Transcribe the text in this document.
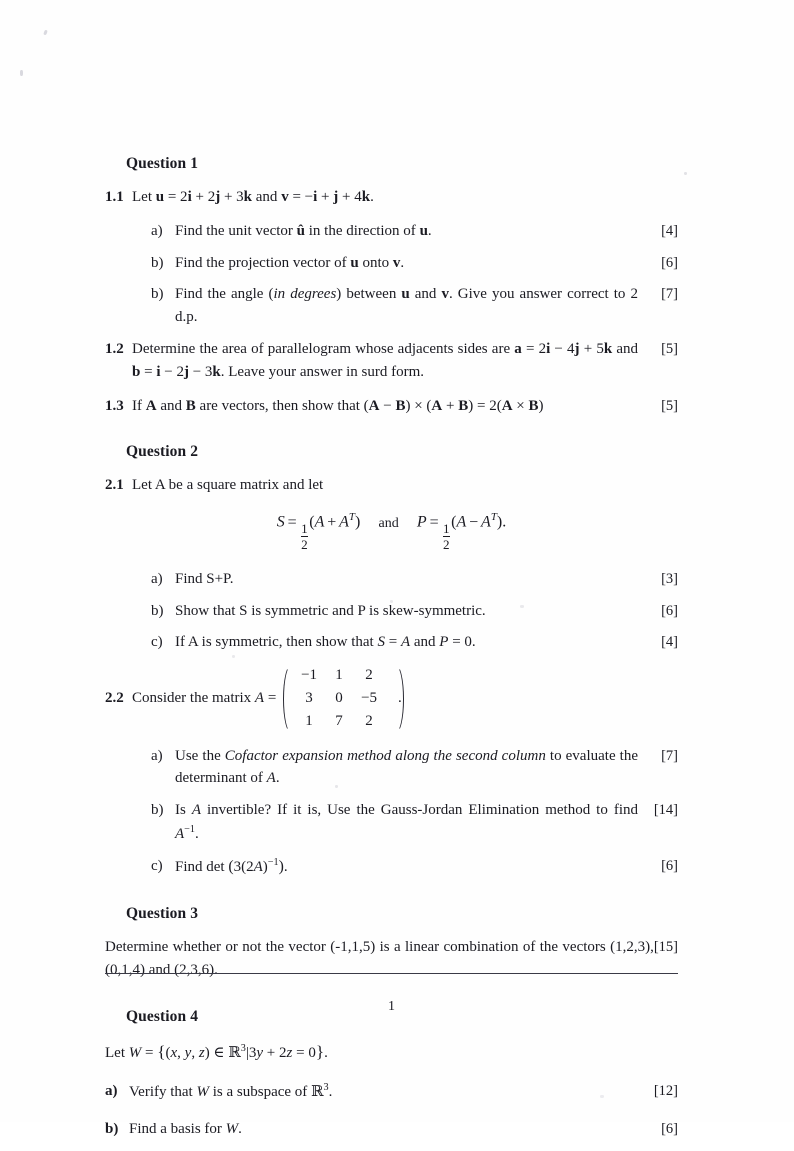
Question 1
1.1 Let u = 2i + 2j + 3k and v = −i + j + 4k.
a) Find the unit vector û in the direction of u.	[4]
b) Find the projection vector of u onto v.	[6]
b) Find the angle (in degrees) between u and v. Give you answer correct to 2 d.p.
[7]
1.2 Determine the area of parallelogram whose adjacents sides are a = 2i − 4j + 5k and b = i − 2j − 3k. Leave your answer in surd form.
[5]
1.3 If A and B are vectors, then show that (A − B) × (A + B) = 2(A × B)	[5]
Question 2
2.1 Let A be a square matrix and let
S =
$\frac{1}{2}$
$(A + A^T)$ and P =
$\frac{1}{2}$
$(A - A^T)$.
a) Find S+P.	[3]
b) Show that S is symmetric and P is skew-symmetric.	[6]
c) If A is symmetric, then show that S = A and P = 0.	[4]
2.2 Consider the matrix A =
−1	1	2
3	0	−5
1	7	2
.
a) Use the Cofactor expansion method along the second column to evaluate the determinant of A.
[7]
b) Is A invertible? If it is, Use the Gauss-Jordan Elimination method to find $A^{-1}$.
[14]
c) Find $\det (3(2A)^{-1})$.	[6]
Question 3
[15]
Determine whether or not the vector (-1,1,5) is a linear combination of the vectors (1,2,3), (0,1,4) and (2,3,6).
Question 4
Let W = {(x, y, z) ∈ ℝ$^3$|3y + 2z = 0}.
a) Verify that W is a subspace of ℝ$^3$.	[12]
b) Find a basis for W.	[6]
1
